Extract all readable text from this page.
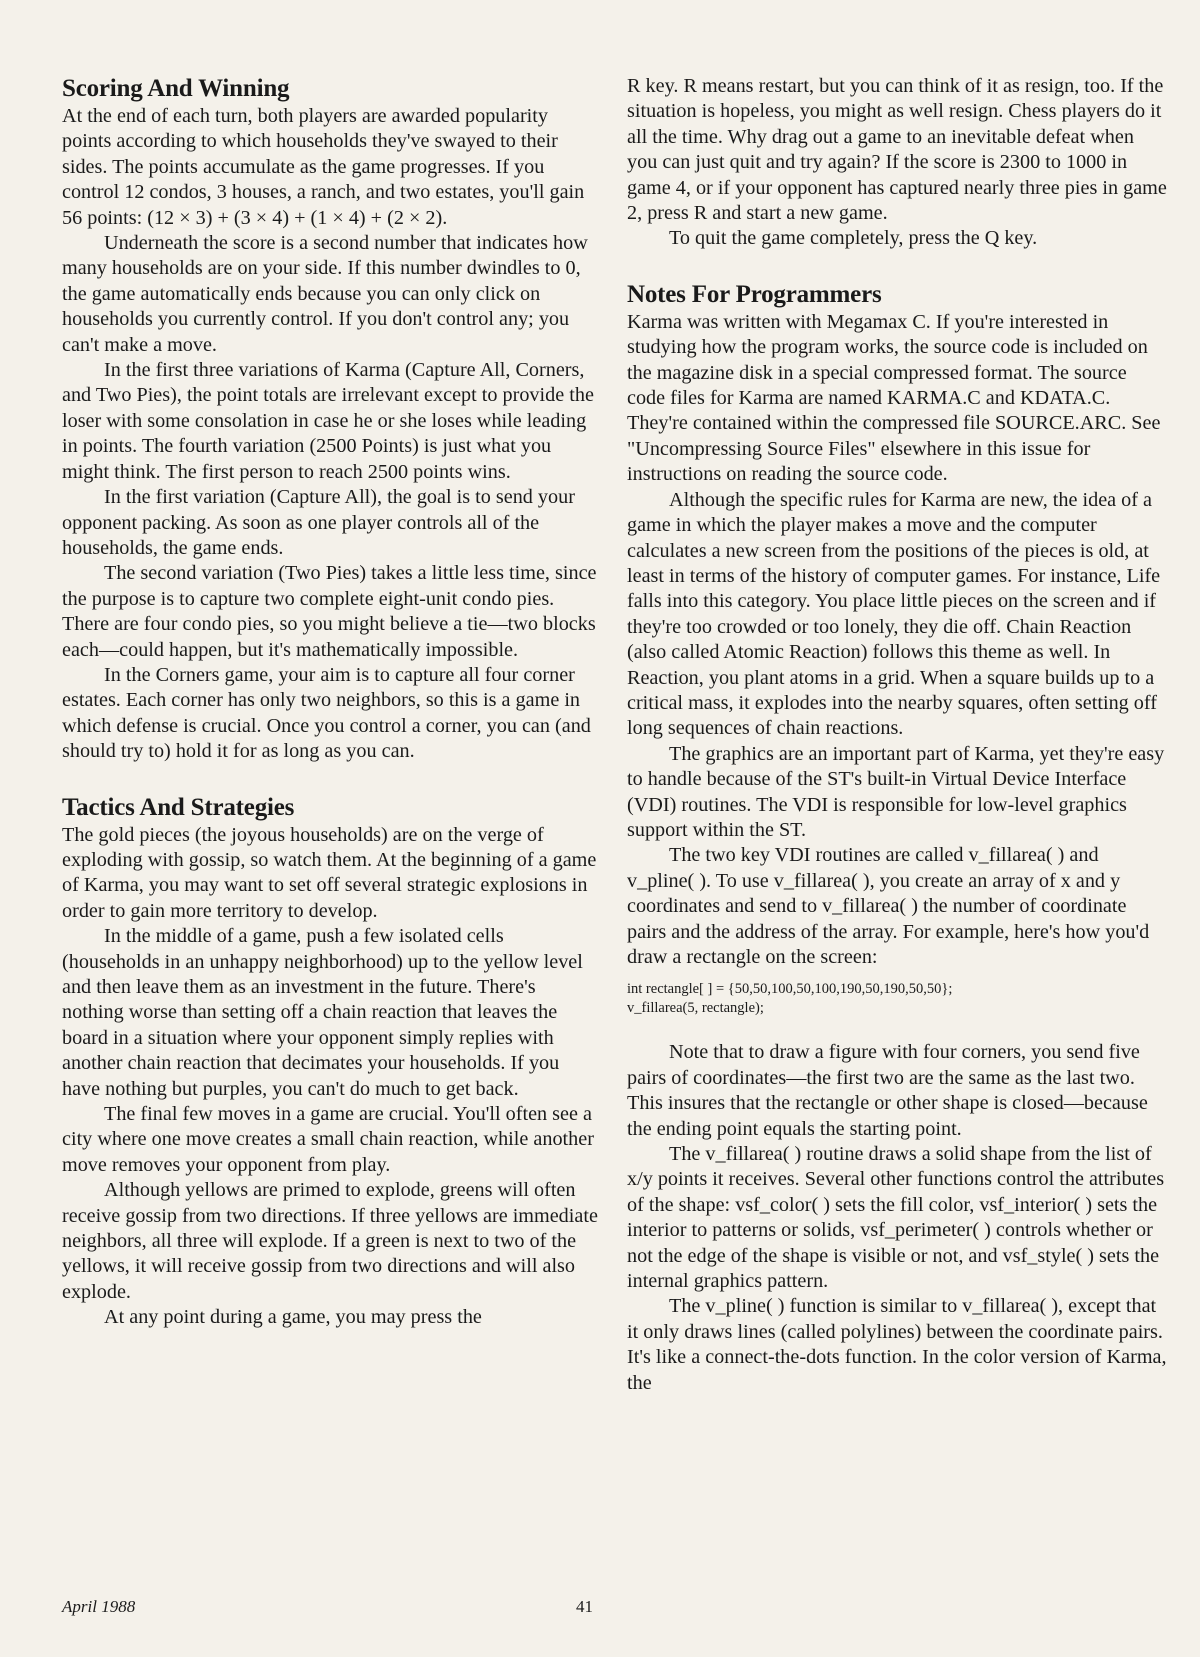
Scoring And Winning

At the end of each turn, both players are awarded popularity points according to which households they've swayed to their sides. The points accumulate as the game progresses. If you control 12 condos, 3 houses, a ranch, and two estates, you'll gain 56 points: (12 × 3) + (3 × 4) + (1 × 4) + (2 × 2).

Underneath the score is a second number that indicates how many households are on your side. If this number dwindles to 0, the game automatically ends because you can only click on households you currently control. If you don't control any; you can't make a move.

In the first three variations of Karma (Capture All, Corners, and Two Pies), the point totals are irrelevant except to provide the loser with some consolation in case he or she loses while leading in points. The fourth variation (2500 Points) is just what you might think. The first person to reach 2500 points wins.

In the first variation (Capture All), the goal is to send your opponent packing. As soon as one player controls all of the households, the game ends.

The second variation (Two Pies) takes a little less time, since the purpose is to capture two complete eight-unit condo pies. There are four condo pies, so you might believe a tie—two blocks each—could happen, but it's mathematically impossible.

In the Corners game, your aim is to capture all four corner estates. Each corner has only two neighbors, so this is a game in which defense is crucial. Once you control a corner, you can (and should try to) hold it for as long as you can.

Tactics And Strategies

The gold pieces (the joyous households) are on the verge of exploding with gossip, so watch them. At the beginning of a game of Karma, you may want to set off several strategic explosions in order to gain more territory to develop.

In the middle of a game, push a few isolated cells (households in an unhappy neighborhood) up to the yellow level and then leave them as an investment in the future. There's nothing worse than setting off a chain reaction that leaves the board in a situation where your opponent simply replies with another chain reaction that decimates your households. If you have nothing but purples, you can't do much to get back.

The final few moves in a game are crucial. You'll often see a city where one move creates a small chain reaction, while another move removes your opponent from play.

Although yellows are primed to explode, greens will often receive gossip from two directions. If three yellows are immediate neighbors, all three will explode. If a green is next to two of the yellows, it will receive gossip from two directions and will also explode.

At any point during a game, you may press the

R key. R means restart, but you can think of it as resign, too. If the situation is hopeless, you might as well resign. Chess players do it all the time. Why drag out a game to an inevitable defeat when you can just quit and try again? If the score is 2300 to 1000 in game 4, or if your opponent has captured nearly three pies in game 2, press R and start a new game.

To quit the game completely, press the Q key.

Notes For Programmers

Karma was written with Megamax C. If you're interested in studying how the program works, the source code is included on the magazine disk in a special compressed format. The source code files for Karma are named KARMA.C and KDATA.C. They're contained within the compressed file SOURCE.ARC. See "Uncompressing Source Files" elsewhere in this issue for instructions on reading the source code.

Although the specific rules for Karma are new, the idea of a game in which the player makes a move and the computer calculates a new screen from the positions of the pieces is old, at least in terms of the history of computer games. For instance, Life falls into this category. You place little pieces on the screen and if they're too crowded or too lonely, they die off. Chain Reaction (also called Atomic Reaction) follows this theme as well. In Reaction, you plant atoms in a grid. When a square builds up to a critical mass, it explodes into the nearby squares, often setting off long sequences of chain reactions.

The graphics are an important part of Karma, yet they're easy to handle because of the ST's built-in Virtual Device Interface (VDI) routines. The VDI is responsible for low-level graphics support within the ST.

The two key VDI routines are called v_fillarea( ) and v_pline( ). To use v_fillarea( ), you create an array of x and y coordinates and send to v_fillarea( ) the number of coordinate pairs and the address of the array. For example, here's how you'd draw a rectangle on the screen:

int rectangle[ ] = {50,50,100,50,100,190,50,190,50,50};
v_fillarea(5, rectangle);

Note that to draw a figure with four corners, you send five pairs of coordinates—the first two are the same as the last two. This insures that the rectangle or other shape is closed—because the ending point equals the starting point.

The v_fillarea( ) routine draws a solid shape from the list of x/y points it receives. Several other functions control the attributes of the shape: vsf_color( ) sets the fill color, vsf_interior( ) sets the interior to patterns or solids, vsf_perimeter( ) controls whether or not the edge of the shape is visible or not, and vsf_style( ) sets the internal graphics pattern.

The v_pline( ) function is similar to v_fillarea( ), except that it only draws lines (called polylines) between the coordinate pairs. It's like a connect-the-dots function. In the color version of Karma, the

April 1988	41
